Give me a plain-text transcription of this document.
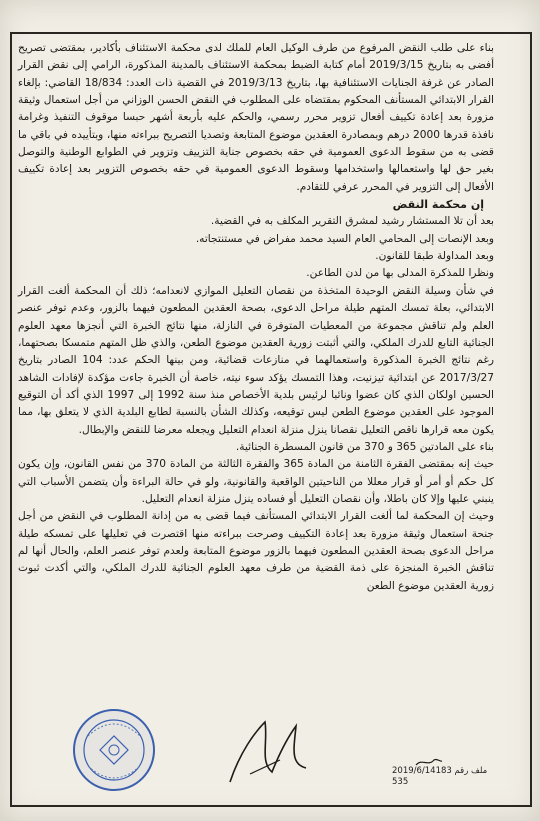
بناء على طلب النقض المرفوع من طرف الوكيل العام للملك لدى محكمة الاستئناف بأكادير، بمقتضى تصريح أفضى به بتاريخ 2019/3/15 أمام كتابة الضبط بمحكمة الاستئناف بالمدينة المذكورة، الرامي إلى نقض القرار الصادر عن غرفة الجنايات الاستئنافية بها، بتاريخ 2019/3/13 في القضية ذات العدد: 18/834 القاضي: بإلغاء القرار الابتدائي المستأنف المحكوم بمقتضاه على المطلوب في النقض الحسن الوزاني من أجل استعمال وثيقة مزورة بعد إعادة تكييف أفعال تزوير محرر رسمي، والحكم عليه بأربعة أشهر حبسا موقوف التنفيذ وغرامة نافذة قدرها 2000 درهم وبمصادرة العقدين موضوع المتابعة وتصديا التصريح ببراءته منها، وبتأييده في باقي ما قضى به من سقوط الدعوى العمومية في حقه بخصوص جناية التزييف وتزوير في الطوابع الوطنية والتوصل بغير حق لها واستعمالها واستخدامها وسقوط الدعوى العمومية في حقه بخصوص التزوير بعد إعادة تكييف الأفعال إلى التزوير في المحرر عرفي للتقادم.

إن محكمة النقض

بعد أن تلا المستشار رشيد لمشرق التقرير المكلف به في القضية.

وبعد الإنصات إلى المحامي العام السيد محمد مفراض في مستنتجاته.

وبعد المداولة طبقا للقانون.

ونظرا للمذكرة المدلى بها من لدن الطاعن.

في شأن وسيلة النقض الوحيدة المتخذة من نقصان التعليل الموازي لانعدامه؛ ذلك أن المحكمة ألغت القرار الابتدائي، بعلة تمسك المتهم طيلة مراحل الدعوى، بصحة العقدين المطعون فيهما بالزور، وعدم توفر عنصر العلم ولم تناقش مجموعة من المعطيات المتوفرة في النازلة، منها نتائج الخبرة التي أنجزها معهد العلوم الجنائية التابع للدرك الملكي، والتي أثبتت زورية العقدين موضوع الطعن، والذي ظل المتهم متمسكا بصحتهما، رغم نتائج الخبرة المذكورة واستعمالهما في منازعات قضائية، ومن بينها الحكم عدد: 104 الصادر بتاريخ 2017/3/27 عن ابتدائية تيزنيت، وهذا التمسك يؤكد سوء نيته، خاصة أن الخبرة جاءت مؤكدة لإفادات الشاهد الحسين اولكان الذي كان عضوا ونائبا لرئيس بلدية الأخصاص منذ سنة 1992 إلى 1997 الذي أكد أن التوقيع الموجود على العقدين موضوع الطعن ليس توقيعه، وكذلك الشأن بالنسبة لطابع البلدية الذي لا يتعلق بها، مما يكون معه قرارها ناقص التعليل نقصانا ينزل منزلة انعدام التعليل ويجعله معرضا للنقض والإبطال.

بناء على المادتين 365 و 370 من قانون المسطرة الجنائية.

حيث إنه بمقتضى الفقرة الثامنة من المادة 365 والفقرة الثالثة من المادة 370 من نفس القانون، وإن يكون كل حكم أو أمر أو قرار معللا من الناحيتين الواقعية والقانونية، ولو في حالة البراءة وأن يتضمن الأسباب التي ينبني عليها وإلا كان باطلا، وأن نقصان التعليل أو فساده ينزل منزلة انعدام التعليل.

وحيث إن المحكمة لما ألغت القرار الابتدائي المستأنف فيما قضى به من إدانة المطلوب في النقض من أجل جنحة استعمال وثيقة مزورة بعد إعادة التكييف وصرحت ببراءته منها اقتصرت في تعليلها على تمسكه طيلة مراحل الدعوى بصحة العقدين المطعون فيهما بالزور موضوع المتابعة ولعدم توفر عنصر العلم، والحال أنها لم تناقش الخبرة المنجزة على ذمة القضية من طرف معهد العلوم الجنائية للدرك الملكي، والتي أكدت ثبوت زورية العقدين موضوع الطعن

2019/6/14183 ملف رقم
535
